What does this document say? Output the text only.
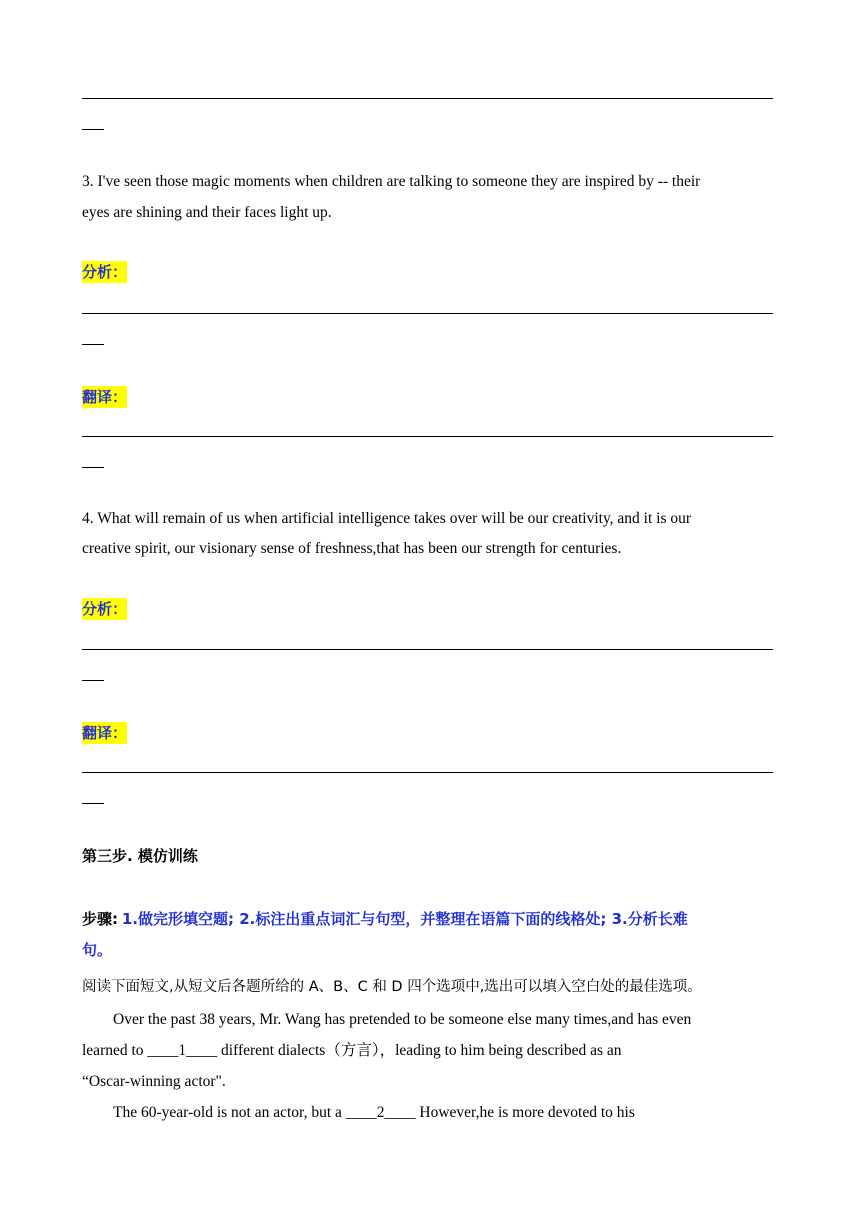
3. I've seen those magic moments when children are talking to someone they are inspired by -- their
eyes are shining and their faces light up.
分析：
翻译：
4. What will remain of us when artificial intelligence takes over will be our creativity, and it is our
creative spirit, our visionary sense of freshness,that has been our strength for centuries.
分析：
翻译：
第三步. 模仿训练
步骤: 1.做完形填空题; 2.标注出重点词汇与句型，并整理在语篇下面的线格处; 3.分析长难
句。
阅读下面短文,从短文后各题所给的 A、B、C 和 D 四个选项中,选出可以填入空白处的最佳选项。
Over the past 38 years, Mr. Wang has pretended to be someone else many times,and has even
learned to ____1____ different dialects（方言），leading to him being described as an
“Oscar-winning actor".
The 60-year-old is not an actor, but a ____2____ However,he is more devoted to his
